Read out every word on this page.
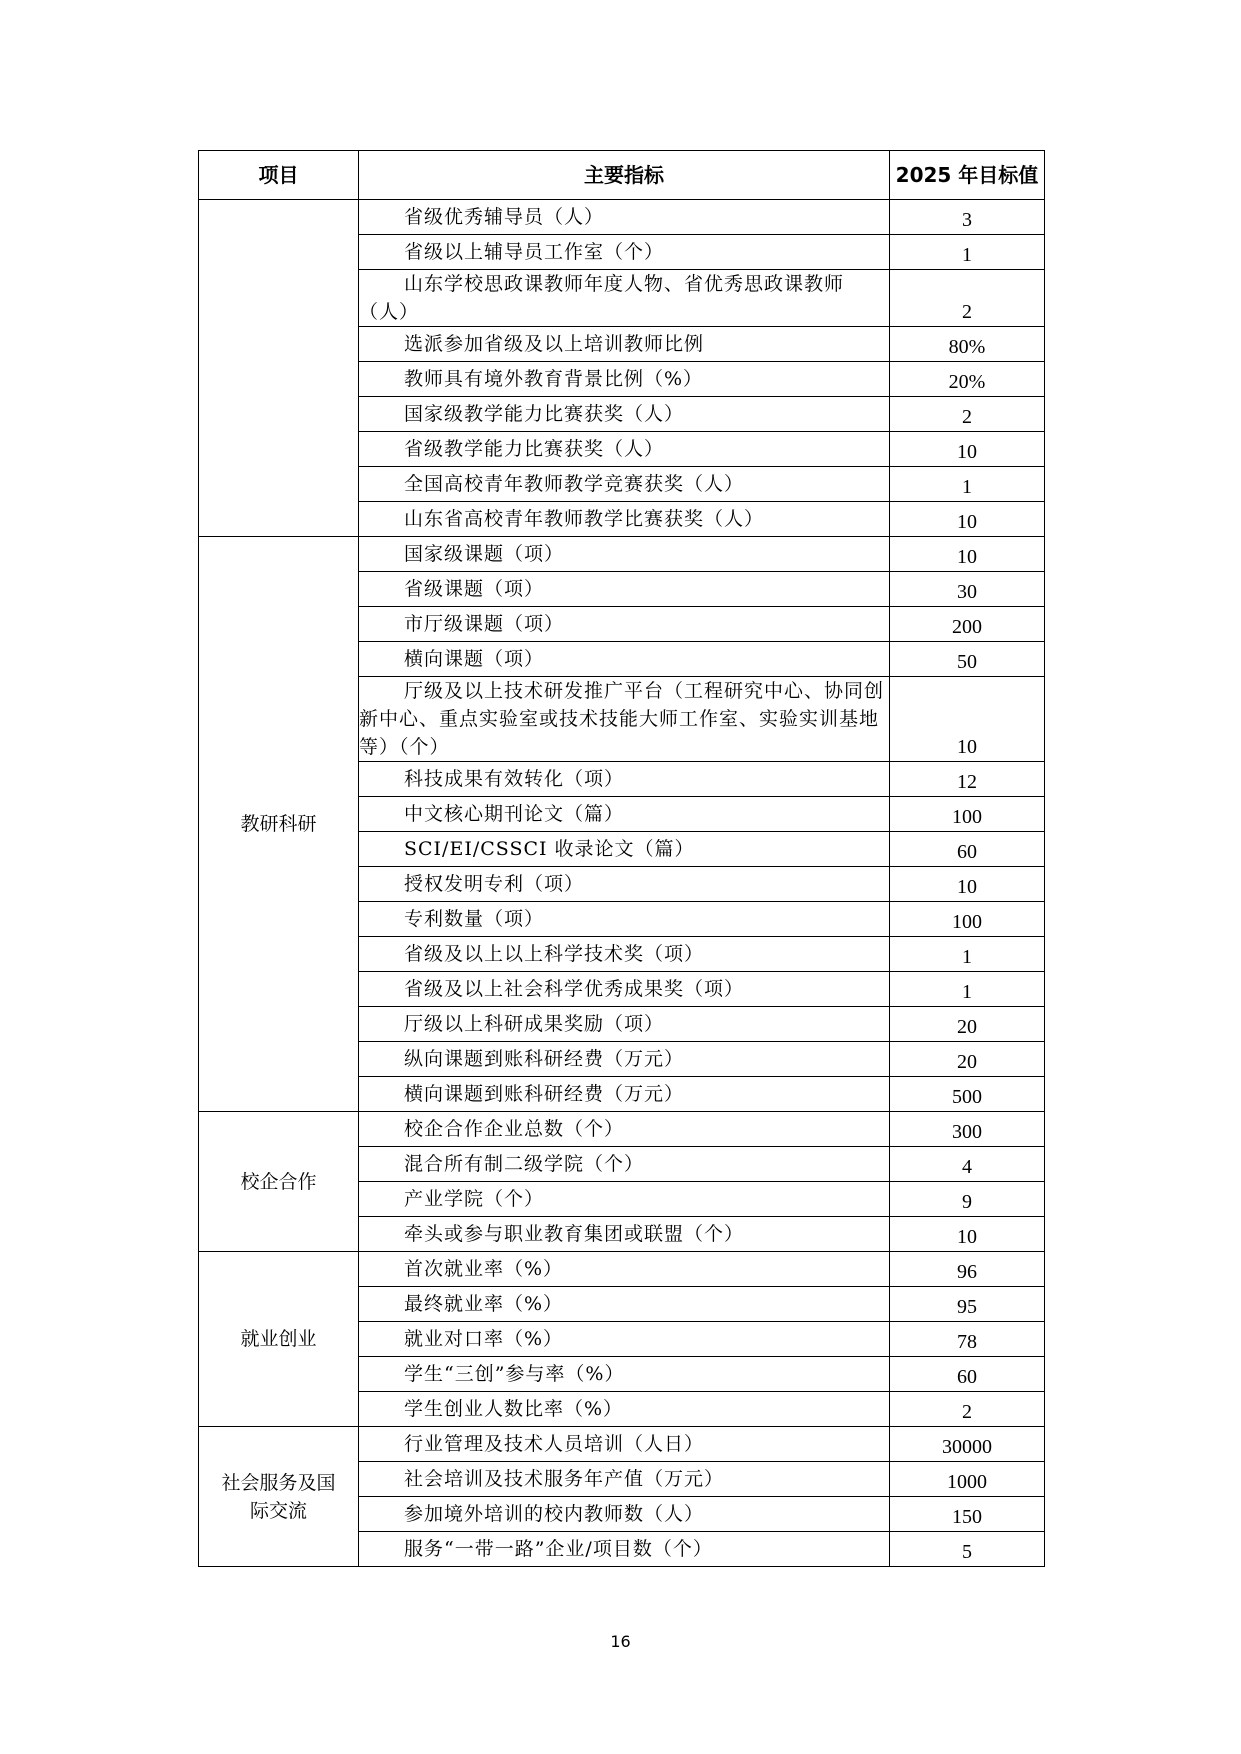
项目	主要指标	2025 年目标值
	省级优秀辅导员（人）	3
	省级以上辅导员工作室（个）	1
	山东学校思政课教师年度人物、省优秀思政课教师（人）	2
	选派参加省级及以上培训教师比例	80%
	教师具有境外教育背景比例（%）	20%
	国家级教学能力比赛获奖（人）	2
	省级教学能力比赛获奖（人）	10
	全国高校青年教师教学竞赛获奖（人）	1
	山东省高校青年教师教学比赛获奖（人）	10
教研科研	国家级课题（项）	10
	省级课题（项）	30
	市厅级课题（项）	200
	横向课题（项）	50
	厅级及以上技术研发推广平台（工程研究中心、协同创新中心、重点实验室或技术技能大师工作室、实验实训基地等）（个）	10
	科技成果有效转化（项）	12
	中文核心期刊论文（篇）	100
	SCI/EI/CSSCI 收录论文（篇）	60
	授权发明专利（项）	10
	专利数量（项）	100
	省级及以上以上科学技术奖（项）	1
	省级及以上社会科学优秀成果奖（项）	1
	厅级以上科研成果奖励（项）	20
	纵向课题到账科研经费（万元）	20
	横向课题到账科研经费（万元）	500
校企合作	校企合作企业总数（个）	300
	混合所有制二级学院（个）	4
	产业学院（个）	9
	牵头或参与职业教育集团或联盟（个）	10
就业创业	首次就业率（%）	96
	最终就业率（%）	95
	就业对口率（%）	78
	学生“三创”参与率（%）	60
	学生创业人数比率（%）	2
社会服务及国际交流	行业管理及技术人员培训（人日）	30000
	社会培训及技术服务年产值（万元）	1000
	参加境外培训的校内教师数（人）	150
	服务“一带一路”企业/项目数（个）	5
16
